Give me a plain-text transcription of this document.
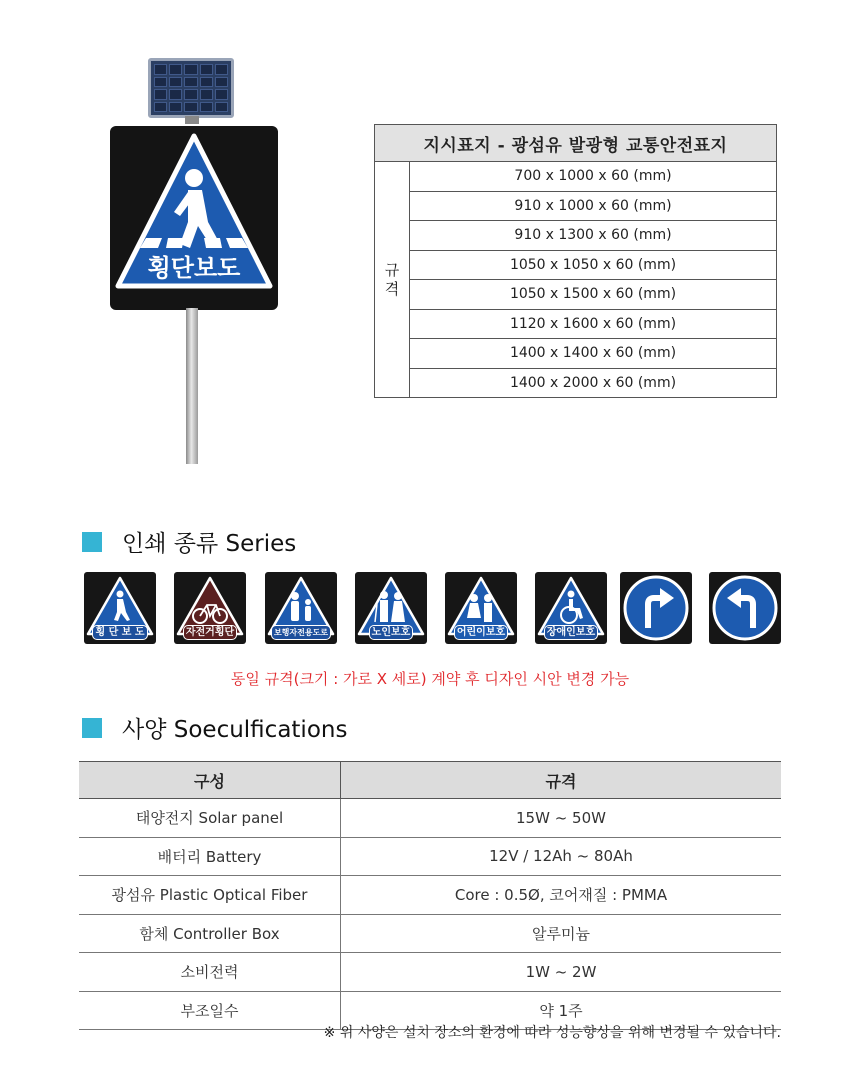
횡단보도
지시표지 - 광섬유 발광형 교통안전표지
규
격	700 x 1000 x 60 (mm)
910 x 1000 x 60 (mm)
910 x 1300 x 60 (mm)
1050 x 1050 x 60 (mm)
1050 x 1500 x 60 (mm)
1120 x 1600 x 60 (mm)
1400 x 1400 x 60 (mm)
1400 x 2000 x 60 (mm)
인쇄 종류 Series
횡 단 보 도	자전거횡단	보행자전용도로	노인보호	어린이보호	장애인보호
동일 규격(크기 : 가로 X 세로) 계약 후 디자인 시안 변경 가능
사양 Soeculfications
구성	규격
태양전지 Solar panel	15W ~ 50W
배터리 Battery	12V / 12Ah ~ 80Ah
광섬유 Plastic Optical Fiber	Core : 0.5Ø, 코어재질 : PMMA
함체 Controller Box	알루미늄
소비전력	1W ~ 2W
부조일수	약 1주
※ 위 사양은 설치 장소의 환경에 따라 성능향상을 위해 변경될 수 있습니다.
